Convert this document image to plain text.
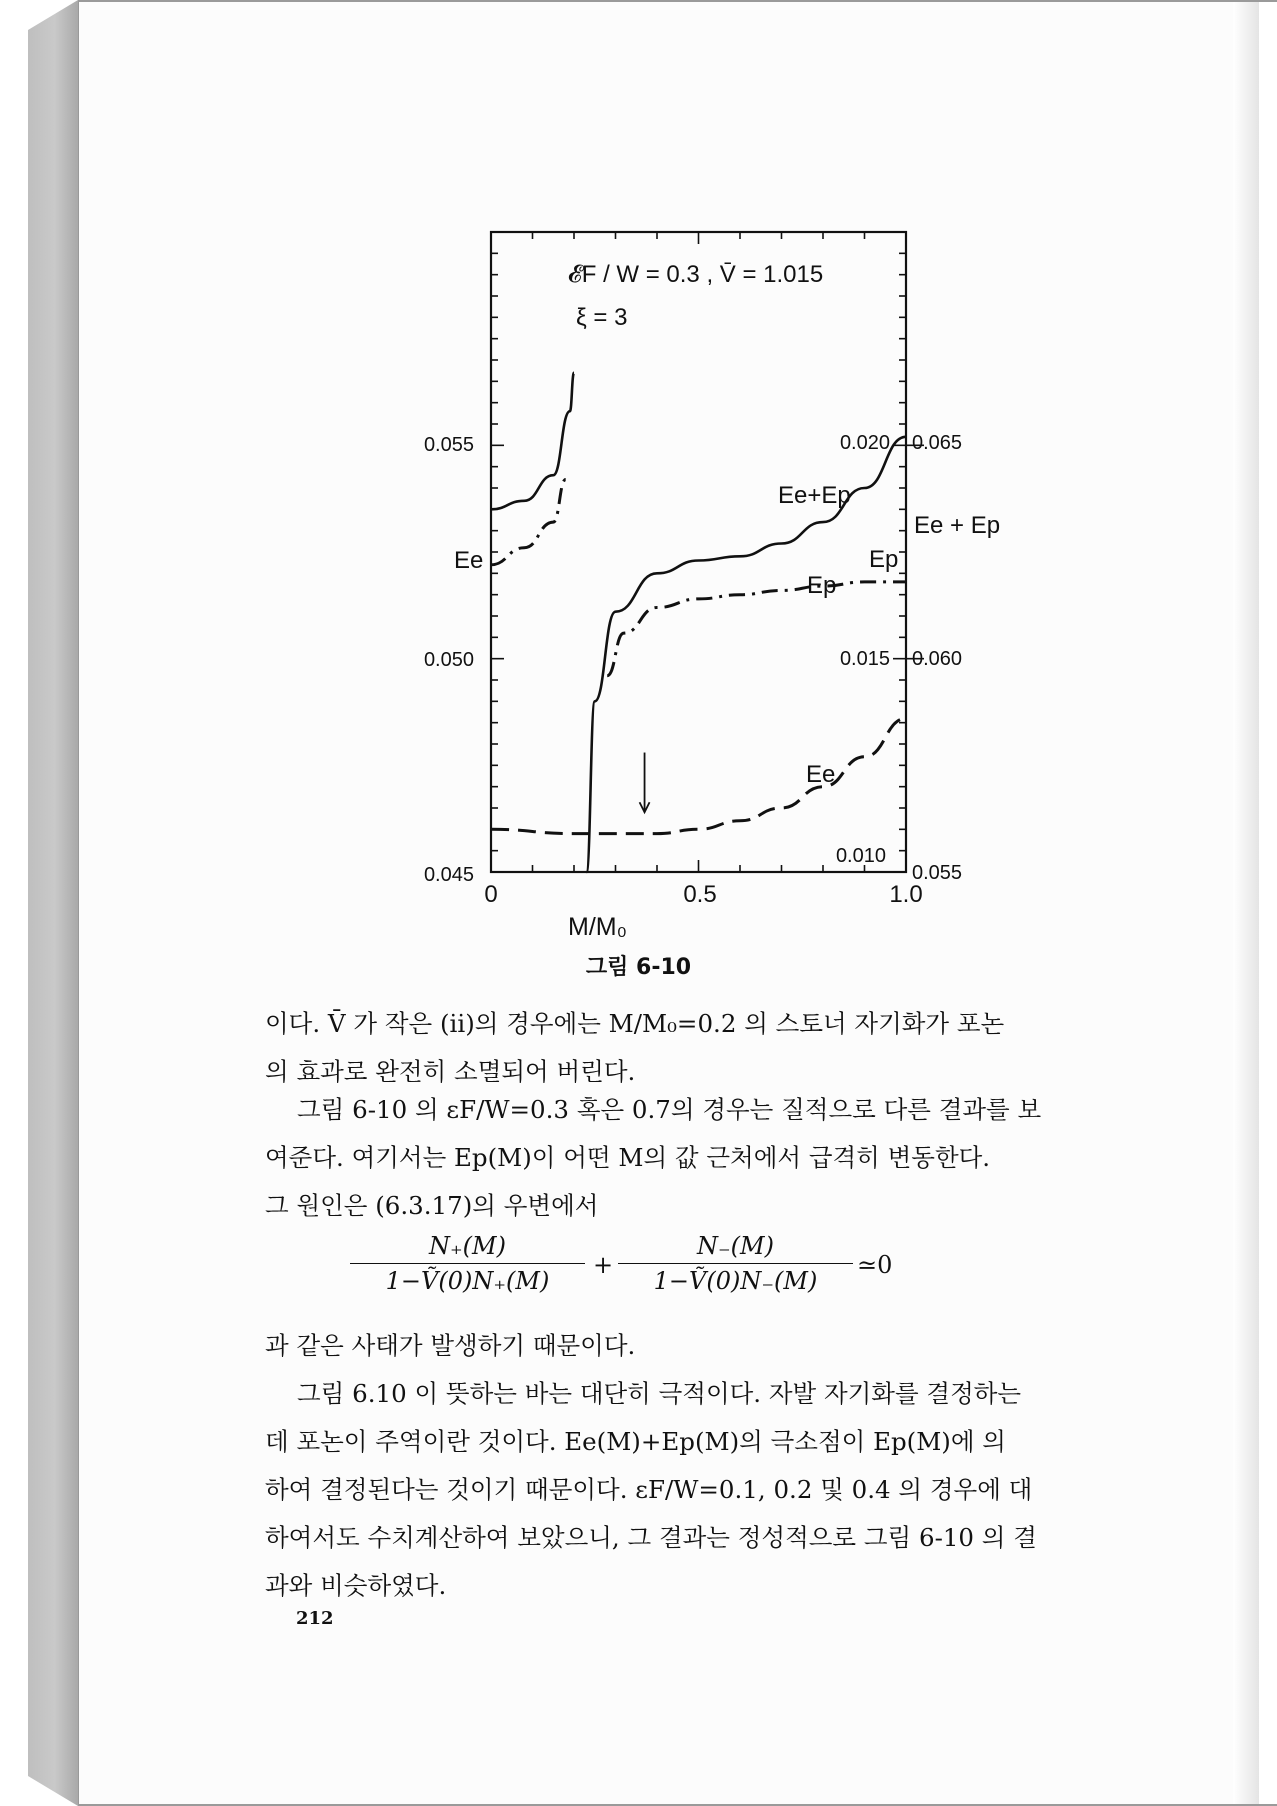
𝓔F / W = 0.3 , V̄ = 1.015
ξ = 3
0.055
0.050
0.045
0.020
0.015
0.010
0.065
0.060
0.055
0	0.5	1.0
M/M₀
Ee+Ep
Ee + Ep
Ep
Ep
Ee
Ee
그림 6-10
이다. V̄ 가 작은 (ii)의 경우에는 M/M₀=0.2 의 스토너 자기화가 포논
의 효과로 완전히 소멸되어 버린다.
그림 6-10 의 εF/W=0.3 혹은 0.7의 경우는 질적으로 다른 결과를 보
여준다. 여기서는 Ep(M)이 어떤 M의 값 근처에서 급격히 변동한다.
그 원인은 (6.3.17)의 우변에서
$\frac{N_+(M)}{\text{1−Ṽ(0)N₊(M)}} + \frac{N_-(M)}{\text{1−Ṽ(0)N₋(M)}}$ ≃0
과 같은 사태가 발생하기 때문이다.
그림 6.10 이 뜻하는 바는 대단히 극적이다. 자발 자기화를 결정하는
데 포논이 주역이란 것이다. Ee(M)+Ep(M)의 극소점이 Ep(M)에 의
하여 결정된다는 것이기 때문이다. εF/W=0.1, 0.2 및 0.4 의 경우에 대
하여서도 수치계산하여 보았으니, 그 결과는 정성적으로 그림 6-10 의 결
과와 비슷하였다.
212
